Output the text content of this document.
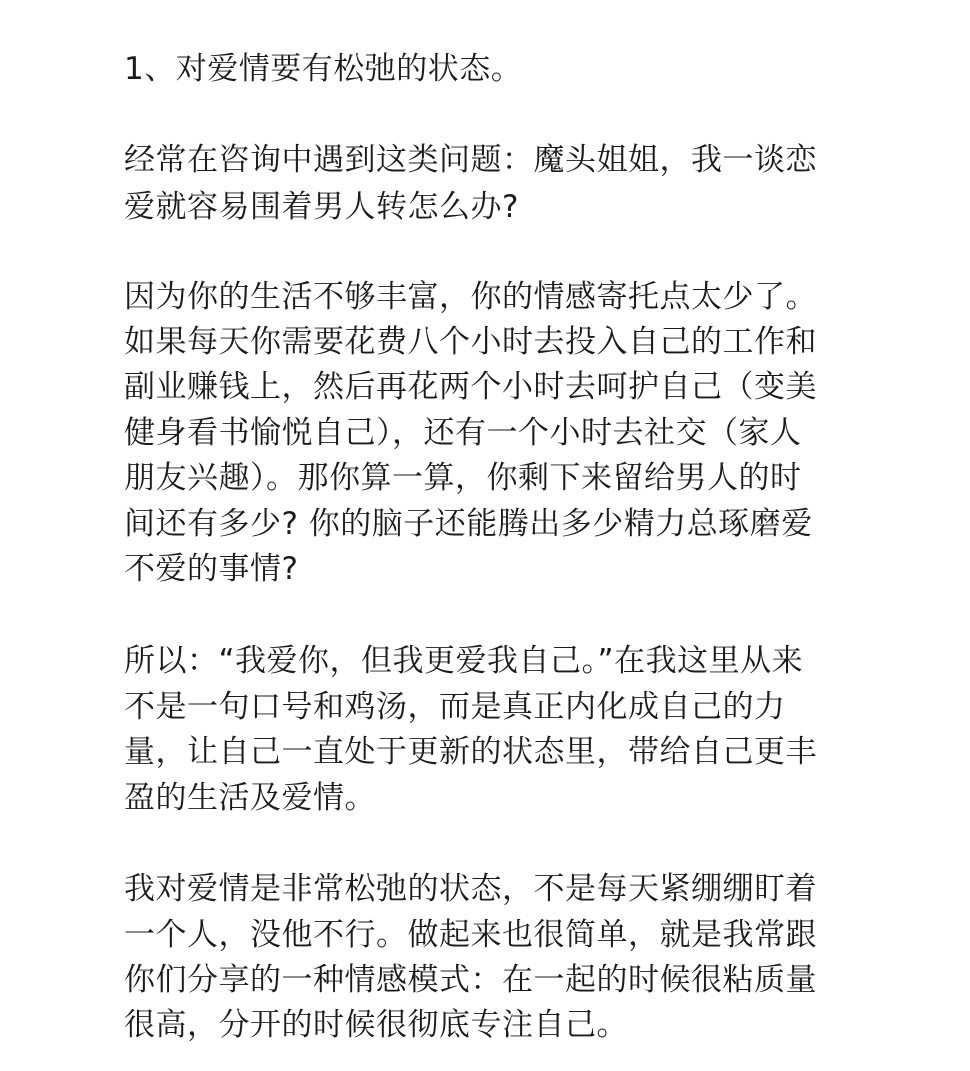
1、对爱情要有松弛的状态。

经常在咨询中遇到这类问题：魔头姐姐，我一谈恋

爱就容易围着男人转怎么办?

因为你的生活不够丰富，你的情感寄托点太少了。

如果每天你需要花费八个小时去投入自己的工作和

副业赚钱上，然后再花两个小时去呵护自己（变美

健身看书愉悦自己），还有一个小时去社交（家人

朋友兴趣）。那你算一算，你剩下来留给男人的时

间还有多少? 你的脑子还能腾出多少精力总琢磨爱

不爱的事情?

所以：“我爱你，但我更爱我自己。”在我这里从来

不是一句口号和鸡汤，而是真正内化成自己的力

量，让自己一直处于更新的状态里，带给自己更丰

盈的生活及爱情。

我对爱情是非常松弛的状态，不是每天紧绷绷盯着

一个人，没他不行。做起来也很简单，就是我常跟

你们分享的一种情感模式：在一起的时候很粘质量

很高，分开的时候很彻底专注自己。
